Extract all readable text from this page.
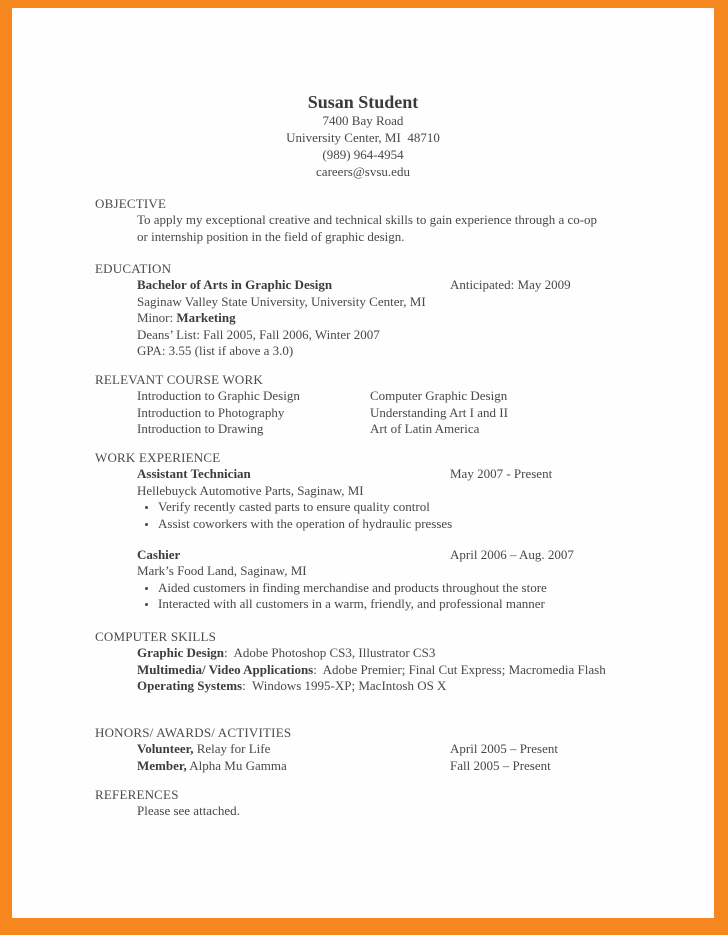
Susan Student
7400 Bay Road
University Center, MI  48710
(989) 964-4954
careers@svsu.edu
OBJECTIVE
To apply my exceptional creative and technical skills to gain experience through a co-op
or internship position in the field of graphic design.
EDUCATION
Bachelor of Arts in Graphic Design	Anticipated: May 2009
Saginaw Valley State University, University Center, MI
Minor: Marketing
Deans’ List: Fall 2005, Fall 2006, Winter 2007
GPA: 3.55 (list if above a 3.0)
RELEVANT COURSE WORK
Introduction to Graphic Design	Computer Graphic Design
Introduction to Photography	Understanding Art I and II
Introduction to Drawing	Art of Latin America
WORK EXPERIENCE
Assistant Technician	May 2007 - Present
Hellebuyck Automotive Parts, Saginaw, MI
• Verify recently casted parts to ensure quality control
• Assist coworkers with the operation of hydraulic presses
Cashier	April 2006 – Aug. 2007
Mark’s Food Land, Saginaw, MI
• Aided customers in finding merchandise and products throughout the store
• Interacted with all customers in a warm, friendly, and professional manner
COMPUTER SKILLS
Graphic Design:  Adobe Photoshop CS3, Illustrator CS3
Multimedia/ Video Applications:  Adobe Premier; Final Cut Express; Macromedia Flash
Operating Systems:  Windows 1995-XP; MacIntosh OS X
HONORS/ AWARDS/ ACTIVITIES
Volunteer, Relay for Life	April 2005 – Present
Member, Alpha Mu Gamma	Fall 2005 – Present
REFERENCES
Please see attached.
